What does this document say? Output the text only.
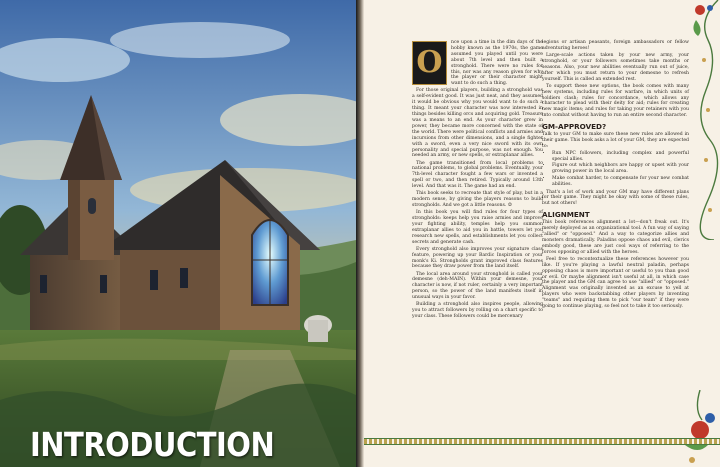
INTRODUCTION
O

nce upon a time in the dim days of the hobby known as the 1970s, the game assumed you played until you were about 7th level and then built a stronghold. There were no rules for this, nor was any reason given for why the player or their character might want to do such a thing.

For those original players, building a stronghold was a self-evident good. It was just neat, and they assumed it would be obvious why you would want to do such a thing. It meant your character was now interested in things besides killing orcs and acquiring gold. Treasure was a means to an end. As your character grew in power, they became more concerned with the state of the world. There were political conflicts and armies and incursions from other dimensions, and a single fighter with a sword, even a very nice sword with its own personality and special purpose, was not enough. You needed an army, or new spells, or extraplanar allies.

The game transitioned from local problems to national problems, to global problems. Eventually, your 7th-level character fought a few wars or invented a spell or two, and then retired. Typically around 13th level. And that was it. The game had an end.

This book seeks to recreate that style of play, but in a modern sense, by giving the players reasons to build strongholds. And we got a little reasons. ☺

In this book you will find rules for four types of strongholds: keeps help you raise armies and improve your fighting ability, temples help you summon extraplanar allies to aid you in battle, towers let you research new spells, and establishments let you collect secrets and generate cash.

Every stronghold also improves your signature class feature, powering up your Bardic Inspiration or your monk's Ki. Strongholds grant improved class features because they draw power from the land itself.

The local area around your stronghold is called your demesne (deh-MAIN). Within your demesne, your character is now, if not ruler, certainly a very important person, so the power of the land manifests itself in unusual ways in your favor.

Building a stronghold also inspires people, allowing you to attract followers by rolling on a chart specific to your class. These followers could be mercenary

legions or artisan peasants, foreign ambassadors or fellow adventuring heroes!

Large-scale actions taken by your new army, your stronghold, or your followers sometimes take months or seasons. Also, your new abilities eventually run out of juice, after which you must return to your demesne to refresh yourself. This is called an extended rest.

To support these new options, the book comes with many new systems, including rules for warfare, in which units of soldiers clash; rules for concordance, which allows any character to plead with their deity for aid; rules for creating new magic items; and rules for taking your retainers with you into combat without having to run an entire second character.

GM-APPROVED?

Talk to your GM to make sure these new rules are allowed in their game. This book asks a lot of your GM, they are expected to:

• Run NPC followers, including complex and powerful special allies.
• Figure out which neighbors are happy or upset with your growing power in the local area.
• Make combat harder, to compensate for your new combat abilities.

That's a lot of work and your GM may have different plans for their game. They might be okay with some of these rules, but not others!

ALIGNMENT

This book references alignment a lot—don't freak out. It's merely deployed as an organizational tool. A fun way of saying "allied" or "opposed." And a way to categorize allies and monsters dramatically. Paladins oppose chaos and evil, clerics embody good, these are just cool ways of referring to the forces opposing or allied with the heroes.

Feel free to recontextualize these references however you like. If you're playing a lawful neutral paladin, perhaps opposing chaos is more important or useful to you than good or evil. Or maybe alignment isn't useful at all, in which case the player and the GM can agree to use "allied" or "opposed." Alignment was originally invented as an excuse to yell at players who were backstabbing other players by inventing "teams" and requiring them to pick "our team" if they were going to continue playing, so feel not to take it too seriously.
